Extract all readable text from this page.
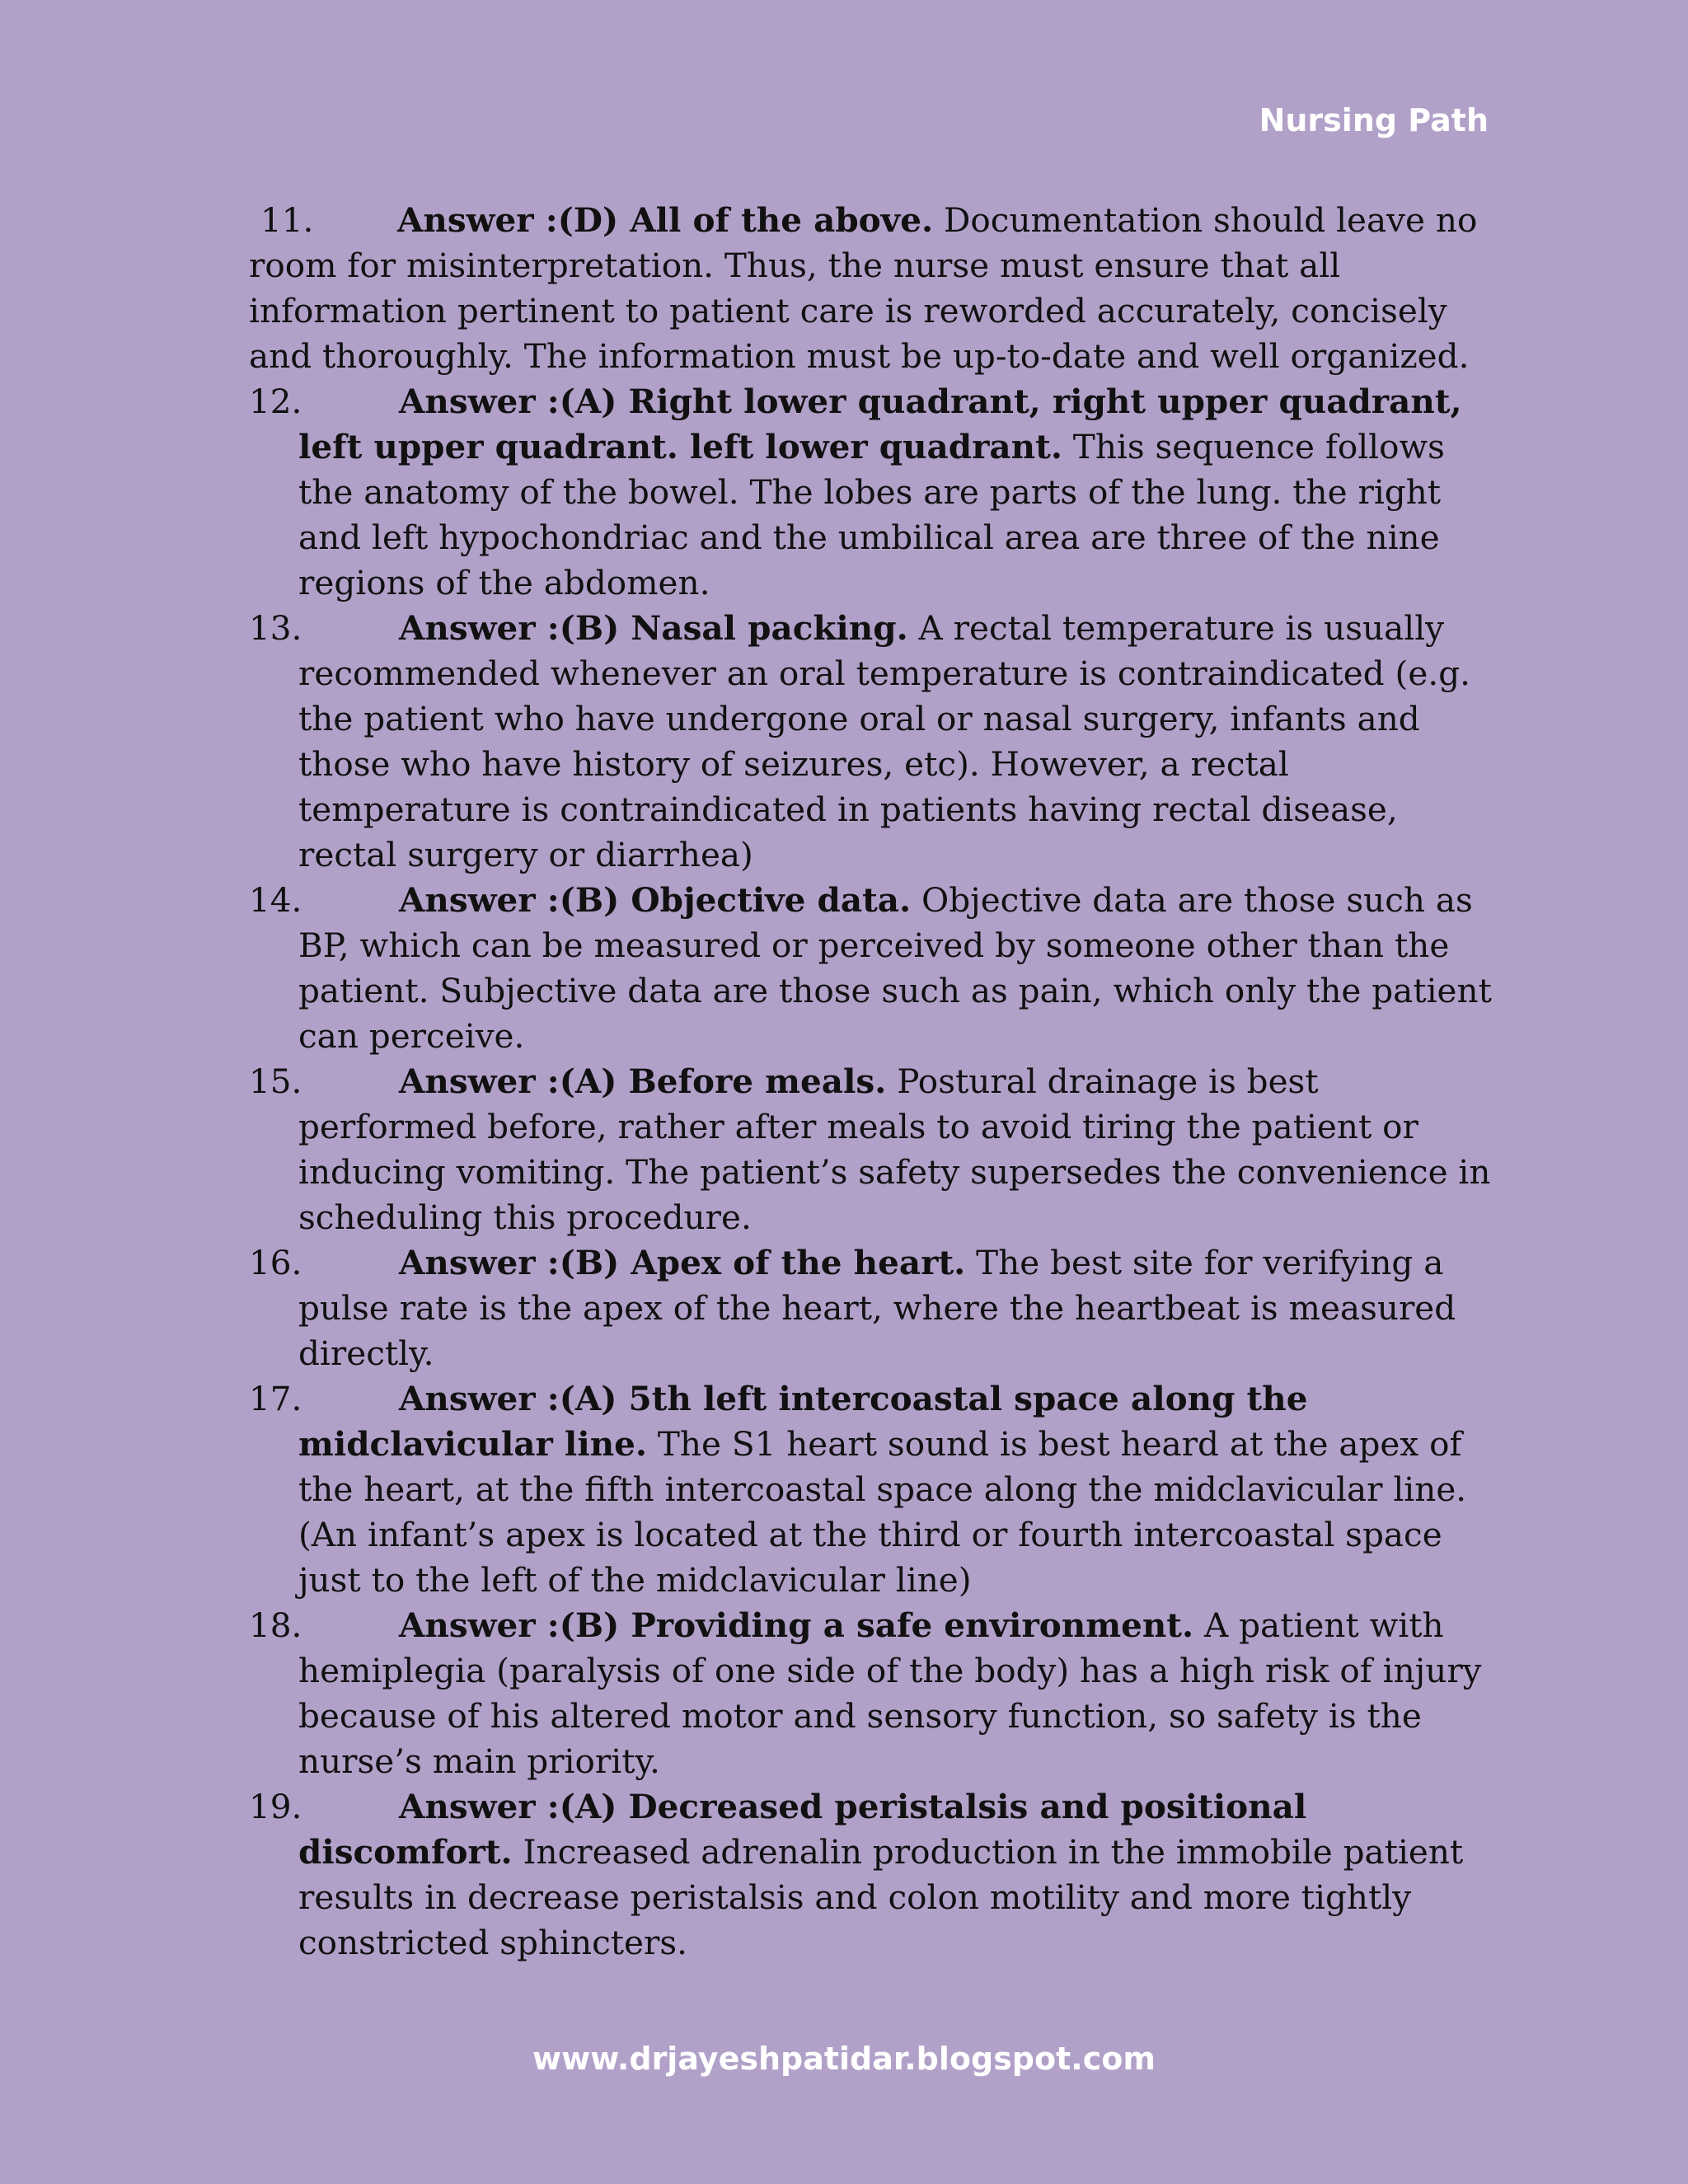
Nursing Path
11.	Answer :(D) All of the above. Documentation should leave no room for misinterpretation. Thus, the nurse must ensure that all information pertinent to patient care is reworded accurately, concisely and thoroughly. The information must be up-to-date and well organized.
12.	Answer :(A) Right lower quadrant, right upper quadrant, left upper quadrant. left lower quadrant. This sequence follows the anatomy of the bowel. The lobes are parts of the lung. the right and left hypochondriac and the umbilical area are three of the nine regions of the abdomen.
13.	Answer :(B) Nasal packing. A rectal temperature is usually recommended whenever an oral temperature is contraindicated (e.g. the patient who have undergone oral or nasal surgery, infants and those who have history of seizures, etc). However, a rectal temperature is contraindicated in patients having rectal disease, rectal surgery or diarrhea)
14.	Answer :(B) Objective data. Objective data are those such as BP, which can be measured or perceived by someone other than the patient. Subjective data are those such as pain, which only the patient can perceive.
15.	Answer :(A) Before meals. Postural drainage is best performed before, rather after meals to avoid tiring the patient or inducing vomiting. The patient’s safety supersedes the convenience in scheduling this procedure.
16.	Answer :(B) Apex of the heart. The best site for verifying a pulse rate is the apex of the heart, where the heartbeat is measured directly.
17.	Answer :(A) 5th left intercoastal space along the midclavicular line. The S1 heart sound is best heard at the apex of the heart, at the fifth intercoastal space along the midclavicular line. (An infant’s apex is located at the third or fourth intercoastal space just to the left of the midclavicular line)
18.	Answer :(B) Providing a safe environment. A patient with hemiplegia (paralysis of one side of the body) has a high risk of injury because of his altered motor and sensory function, so safety is the nurse’s main priority.
19.	Answer :(A) Decreased peristalsis and positional discomfort. Increased adrenalin production in the immobile patient results in decrease peristalsis and colon motility and more tightly constricted sphincters.
www.drjayeshpatidar.blogspot.com
